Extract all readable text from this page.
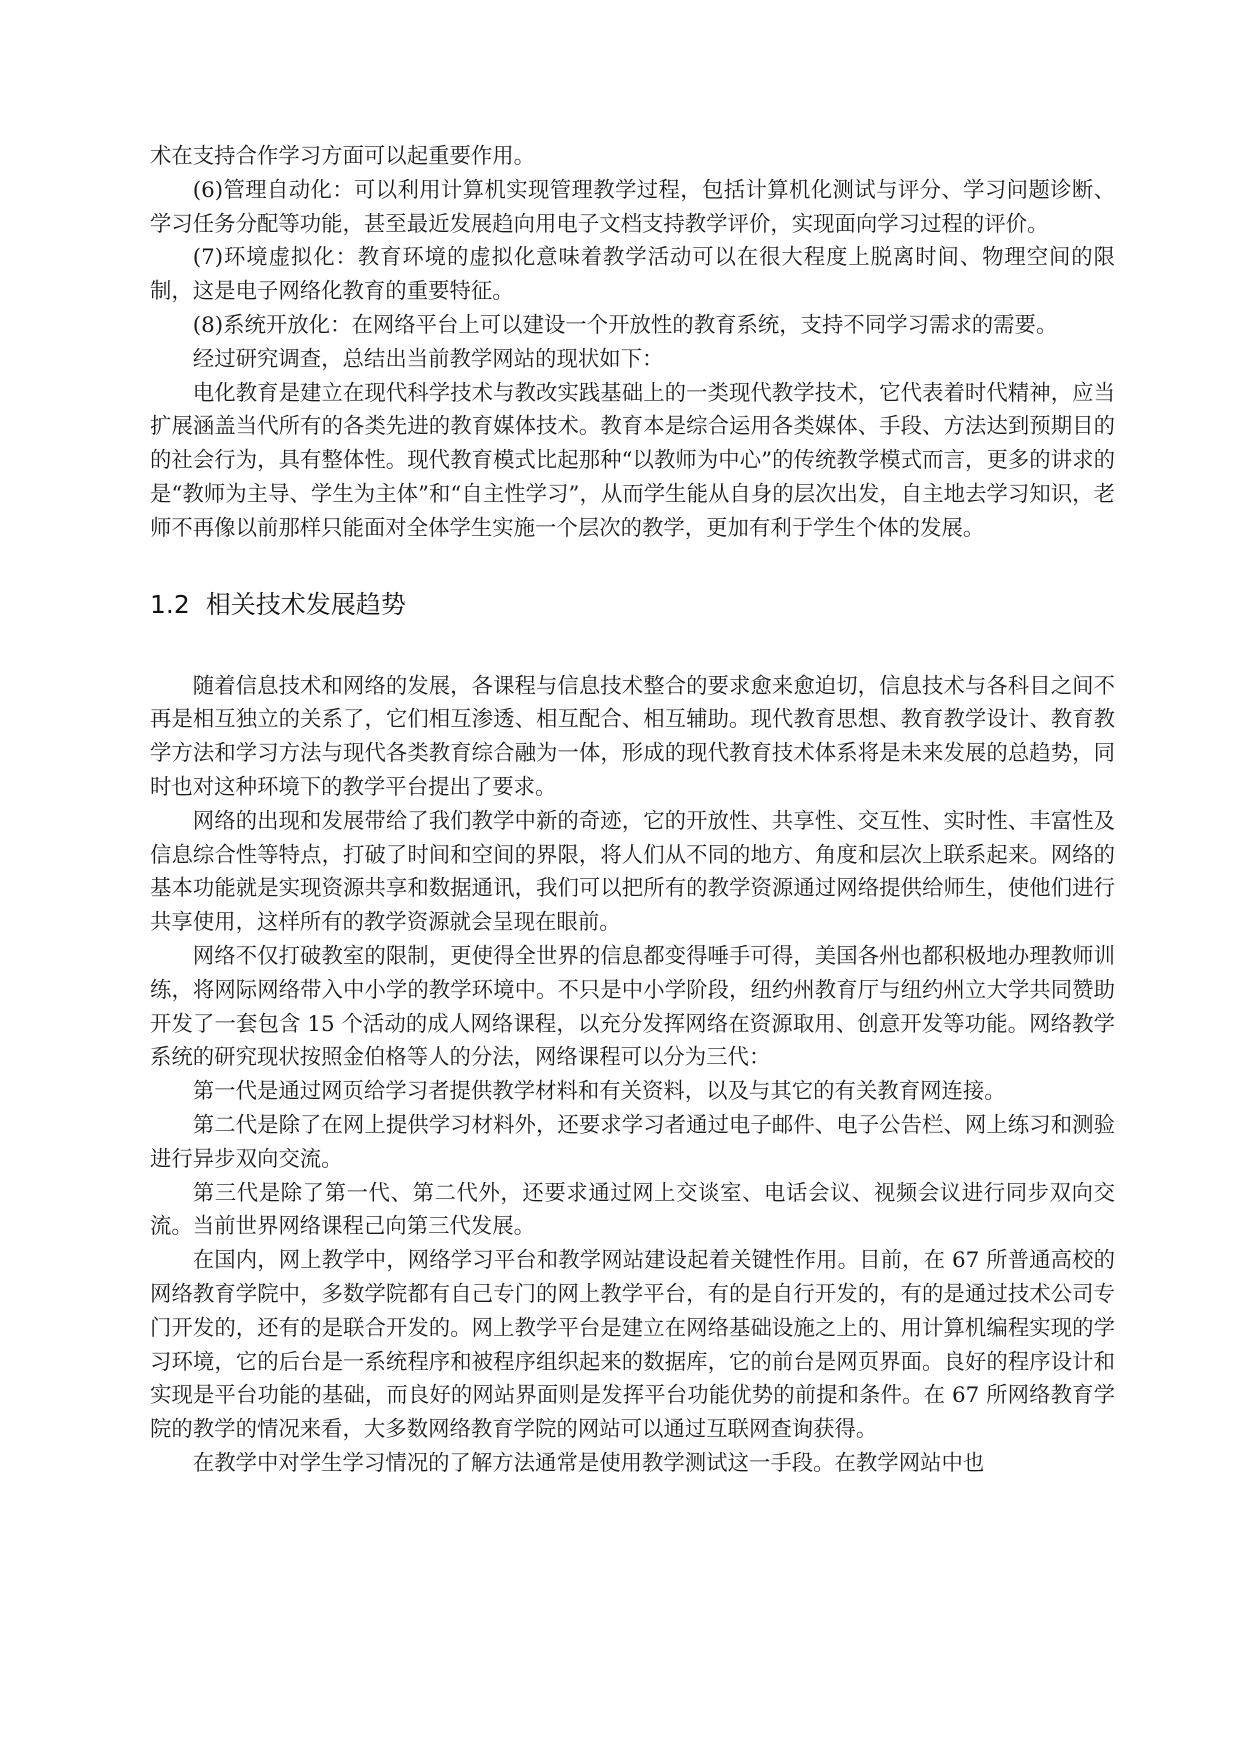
术在支持合作学习方面可以起重要作用。

(6)管理自动化：可以利用计算机实现管理教学过程，包括计算机化测试与评分、学习问题诊断、学习任务分配等功能，甚至最近发展趋向用电子文档支持教学评价，实现面向学习过程的评价。

(7)环境虚拟化：教育环境的虚拟化意味着教学活动可以在很大程度上脱离时间、物理空间的限制，这是电子网络化教育的重要特征。

(8)系统开放化：在网络平台上可以建设一个开放性的教育系统，支持不同学习需求的需要。

经过研究调查，总结出当前教学网站的现状如下：

电化教育是建立在现代科学技术与教改实践基础上的一类现代教学技术，它代表着时代精神，应当扩展涵盖当代所有的各类先进的教育媒体技术。教育本是综合运用各类媒体、手段、方法达到预期目的的社会行为，具有整体性。现代教育模式比起那种“以教师为中心”的传统教学模式而言，更多的讲求的是“教师为主导、学生为主体”和“自主性学习”，从而学生能从自身的层次出发，自主地去学习知识，老师不再像以前那样只能面对全体学生实施一个层次的教学，更加有利于学生个体的发展。

1.2 相关技术发展趋势

随着信息技术和网络的发展，各课程与信息技术整合的要求愈来愈迫切，信息技术与各科目之间不再是相互独立的关系了，它们相互渗透、相互配合、相互辅助。现代教育思想、教育教学设计、教育教学方法和学习方法与现代各类教育综合融为一体，形成的现代教育技术体系将是未来发展的总趋势，同时也对这种环境下的教学平台提出了要求。

网络的出现和发展带给了我们教学中新的奇迹，它的开放性、共享性、交互性、实时性、丰富性及信息综合性等特点，打破了时间和空间的界限，将人们从不同的地方、角度和层次上联系起来。网络的基本功能就是实现资源共享和数据通讯，我们可以把所有的教学资源通过网络提供给师生，使他们进行共享使用，这样所有的教学资源就会呈现在眼前。

网络不仅打破教室的限制，更使得全世界的信息都变得唾手可得，美国各州也都积极地办理教师训练，将网际网络带入中小学的教学环境中。不只是中小学阶段，纽约州教育厅与纽约州立大学共同赞助开发了一套包含 15 个活动的成人网络课程，以充分发挥网络在资源取用、创意开发等功能。网络教学系统的研究现状按照金伯格等人的分法，网络课程可以分为三代：

第一代是通过网页给学习者提供教学材料和有关资料，以及与其它的有关教育网连接。

第二代是除了在网上提供学习材料外，还要求学习者通过电子邮件、电子公告栏、网上练习和测验进行异步双向交流。

第三代是除了第一代、第二代外，还要求通过网上交谈室、电话会议、视频会议进行同步双向交流。当前世界网络课程己向第三代发展。

在国内，网上教学中，网络学习平台和教学网站建设起着关键性作用。目前，在 67 所普通高校的网络教育学院中，多数学院都有自己专门的网上教学平台，有的是自行开发的，有的是通过技术公司专门开发的，还有的是联合开发的。网上教学平台是建立在网络基础设施之上的、用计算机编程实现的学习环境，它的后台是一系统程序和被程序组织起来的数据库，它的前台是网页界面。良好的程序设计和实现是平台功能的基础，而良好的网站界面则是发挥平台功能优势的前提和条件。在 67 所网络教育学院的教学的情况来看，大多数网络教育学院的网站可以通过互联网查询获得。

在教学中对学生学习情况的了解方法通常是使用教学测试这一手段。在教学网站中也
